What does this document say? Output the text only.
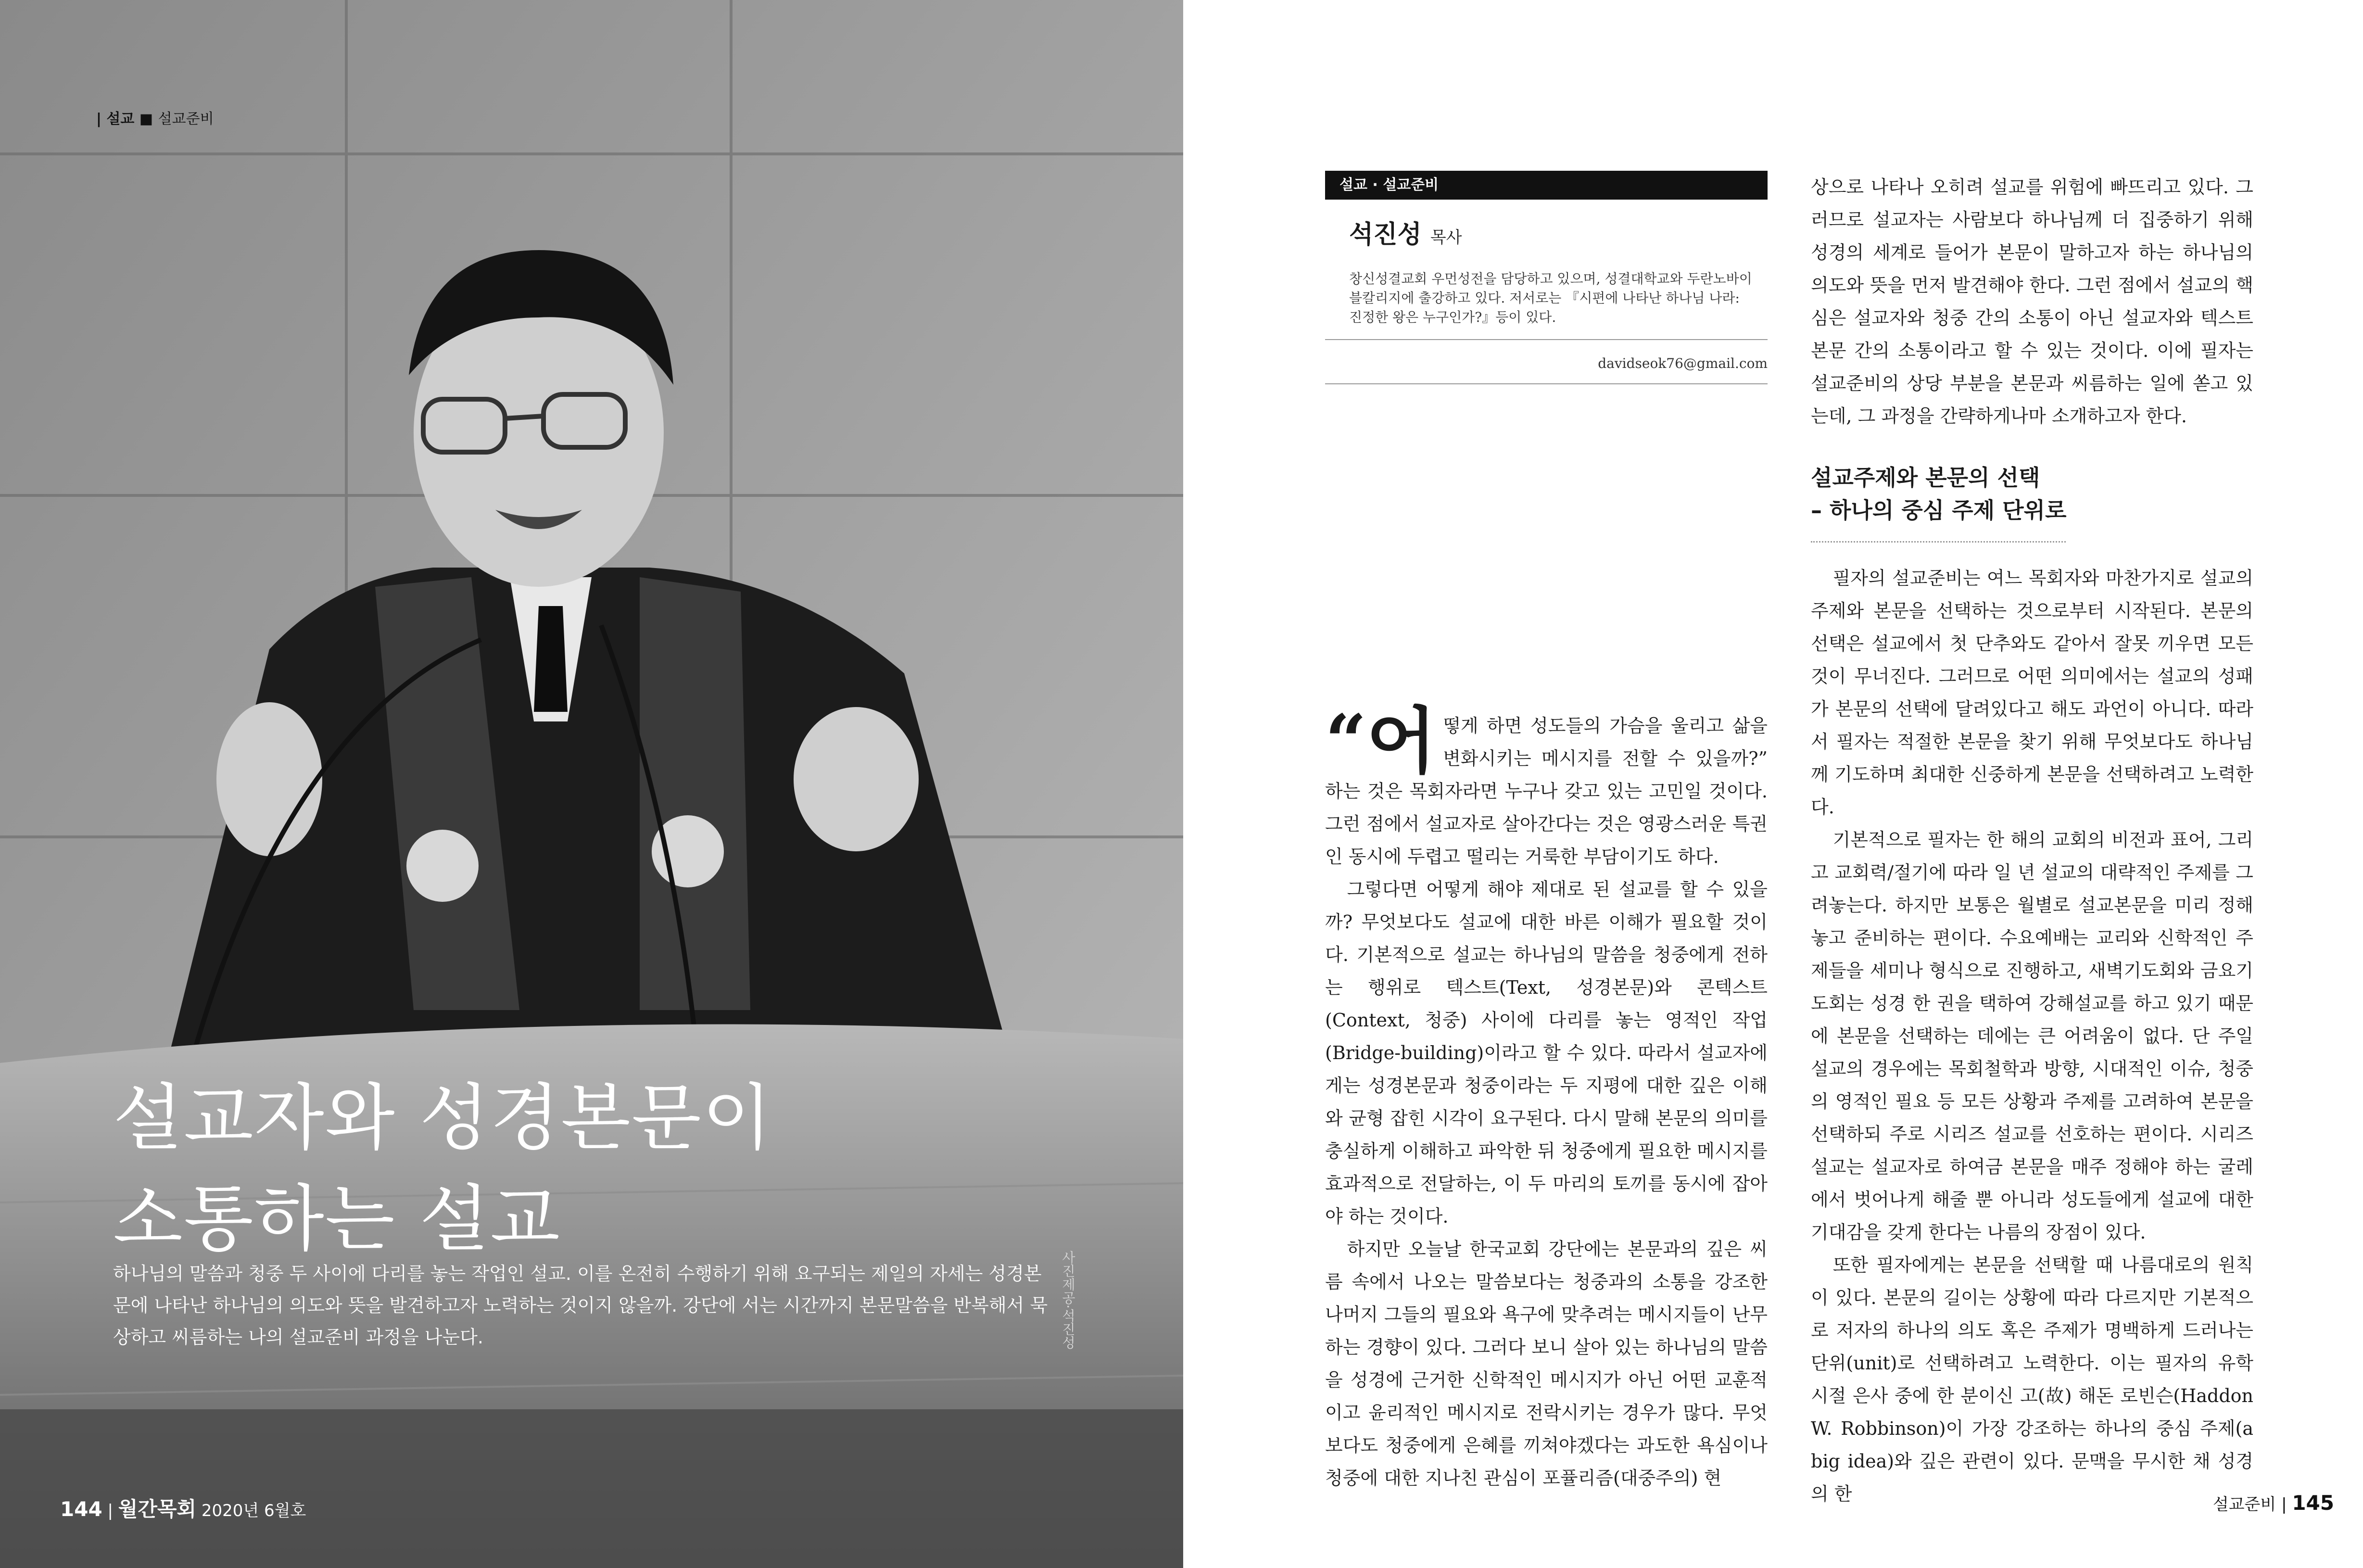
| 설교 ■ 설교준비
설교자와 성경본문이
소통하는 설교
하나님의 말씀과 청중 두 사이에 다리를 놓는 작업인 설교. 이를 온전히 수행하기 위해 요구되는 제일의 자세는 성경본문에 나타난 하나님의 의도와 뜻을 발견하고자 노력하는 것이지 않을까. 강단에 서는 시간까지 본문말씀을 반복해서 묵상하고 씨름하는 나의 설교준비 과정을 나눈다.	사진제공·석진성
144 | 월간목회 2020년 6월호
설교 · 설교준비
석진성 목사
창신성결교회 우먼성전을 담당하고 있으며, 성결대학교와 두란노바이블칼리지에 출강하고 있다. 저서로는 『시편에 나타난 하나님 나라: 진정한 왕은 누구인가?』등이 있다.
davidseok76@gmail.com

“어떻게 하면 성도들의 가슴을 울리고 삶을 변화시키는 메시지를 전할 수 있을까?” 하는 것은 목회자라면 누구나 갖고 있는 고민일 것이다. 그런 점에서 설교자로 살아간다는 것은 영광스러운 특권인 동시에 두렵고 떨리는 거룩한 부담이기도 하다.

그렇다면 어떻게 해야 제대로 된 설교를 할 수 있을까? 무엇보다도 설교에 대한 바른 이해가 필요할 것이다. 기본적으로 설교는 하나님의 말씀을 청중에게 전하는 행위로 텍스트(Text, 성경본문)와 콘텍스트(Context, 청중) 사이에 다리를 놓는 영적인 작업(Bridge-building)이라고 할 수 있다. 따라서 설교자에게는 성경본문과 청중이라는 두 지평에 대한 깊은 이해와 균형 잡힌 시각이 요구된다. 다시 말해 본문의 의미를 충실하게 이해하고 파악한 뒤 청중에게 필요한 메시지를 효과적으로 전달하는, 이 두 마리의 토끼를 동시에 잡아야 하는 것이다.

하지만 오늘날 한국교회 강단에는 본문과의 깊은 씨름 속에서 나오는 말씀보다는 청중과의 소통을 강조한 나머지 그들의 필요와 욕구에 맞추려는 메시지들이 난무하는 경향이 있다. 그러다 보니 살아 있는 하나님의 말씀을 성경에 근거한 신학적인 메시지가 아닌 어떤 교훈적이고 윤리적인 메시지로 전락시키는 경우가 많다. 무엇보다도 청중에게 은혜를 끼쳐야겠다는 과도한 욕심이나 청중에 대한 지나친 관심이 포퓰리즘(대중주의) 현

상으로 나타나 오히려 설교를 위험에 빠뜨리고 있다. 그러므로 설교자는 사람보다 하나님께 더 집중하기 위해 성경의 세계로 들어가 본문이 말하고자 하는 하나님의 의도와 뜻을 먼저 발견해야 한다. 그런 점에서 설교의 핵심은 설교자와 청중 간의 소통이 아닌 설교자와 텍스트 본문 간의 소통이라고 할 수 있는 것이다. 이에 필자는 설교준비의 상당 부분을 본문과 씨름하는 일에 쏟고 있는데, 그 과정을 간략하게나마 소개하고자 한다.

설교주제와 본문의 선택
– 하나의 중심 주제 단위로

필자의 설교준비는 여느 목회자와 마찬가지로 설교의 주제와 본문을 선택하는 것으로부터 시작된다. 본문의 선택은 설교에서 첫 단추와도 같아서 잘못 끼우면 모든 것이 무너진다. 그러므로 어떤 의미에서는 설교의 성패가 본문의 선택에 달려있다고 해도 과언이 아니다. 따라서 필자는 적절한 본문을 찾기 위해 무엇보다도 하나님께 기도하며 최대한 신중하게 본문을 선택하려고 노력한다.

기본적으로 필자는 한 해의 교회의 비전과 표어, 그리고 교회력/절기에 따라 일 년 설교의 대략적인 주제를 그려놓는다. 하지만 보통은 월별로 설교본문을 미리 정해놓고 준비하는 편이다. 수요예배는 교리와 신학적인 주제들을 세미나 형식으로 진행하고, 새벽기도회와 금요기도회는 성경 한 권을 택하여 강해설교를 하고 있기 때문에 본문을 선택하는 데에는 큰 어려움이 없다. 단 주일 설교의 경우에는 목회철학과 방향, 시대적인 이슈, 청중의 영적인 필요 등 모든 상황과 주제를 고려하여 본문을 선택하되 주로 시리즈 설교를 선호하는 편이다. 시리즈 설교는 설교자로 하여금 본문을 매주 정해야 하는 굴레에서 벗어나게 해줄 뿐 아니라 성도들에게 설교에 대한 기대감을 갖게 한다는 나름의 장점이 있다.

또한 필자에게는 본문을 선택할 때 나름대로의 원칙이 있다. 본문의 길이는 상황에 따라 다르지만 기본적으로 저자의 하나의 의도 혹은 주제가 명백하게 드러나는 단위(unit)로 선택하려고 노력한다. 이는 필자의 유학 시절 은사 중에 한 분이신 고(故) 해돈 로빈슨(Haddon W. Robbinson)이 가장 강조하는 하나의 중심 주제(a big idea)와 깊은 관련이 있다. 문맥을 무시한 채 성경의 한	설교준비 | 145
